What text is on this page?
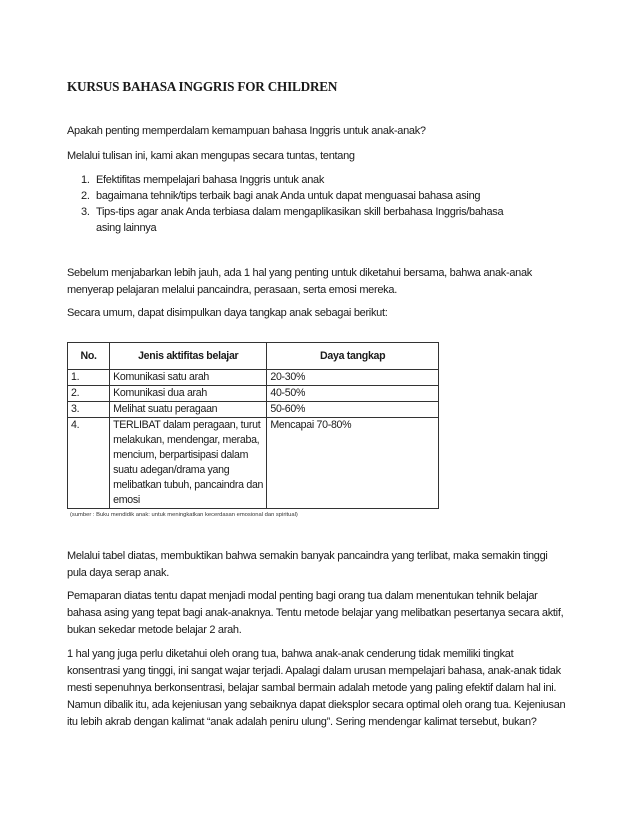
KURSUS BAHASA INGGRIS FOR CHILDREN
Apakah penting memperdalam kemampuan bahasa Inggris untuk anak-anak?
Melalui tulisan ini, kami akan mengupas secara tuntas, tentang
1. Efektifitas mempelajari bahasa Inggris untuk anak
2. bagaimana tehnik/tips terbaik bagi anak Anda untuk dapat menguasai bahasa asing
3. Tips-tips agar anak Anda terbiasa dalam mengaplikasikan skill berbahasa Inggris/bahasa asing lainnya
Sebelum menjabarkan lebih jauh, ada 1 hal yang penting untuk diketahui bersama, bahwa anak-anak menyerap pelajaran melalui pancaindra, perasaan, serta emosi mereka.
Secara umum, dapat disimpulkan daya tangkap anak sebagai berikut:
No.	Jenis aktifitas belajar	Daya tangkap
1.	Komunikasi satu arah	20-30%
2.	Komunikasi dua arah	40-50%
3.	Melihat suatu peragaan	50-60%
4.	TERLIBAT dalam peragaan, turut melakukan, mendengar, meraba, mencium, berpartisipasi dalam suatu adegan/drama yang melibatkan tubuh, pancaindra dan emosi	Mencapai 70-80%
(sumber : Buku mendidik anak: untuk meningkatkan kecerdasan emosional dan spiritual)
Melalui tabel diatas, membuktikan bahwa semakin banyak pancaindra yang terlibat, maka semakin tinggi pula daya serap anak.
Pemaparan diatas tentu dapat menjadi modal penting bagi orang tua dalam menentukan tehnik belajar bahasa asing yang tepat bagi anak-anaknya. Tentu metode belajar yang melibatkan pesertanya secara aktif, bukan sekedar metode belajar 2 arah.
1 hal yang juga perlu diketahui oleh orang tua, bahwa anak-anak cenderung tidak memiliki tingkat konsentrasi yang tinggi, ini sangat wajar terjadi. Apalagi dalam urusan mempelajari bahasa, anak-anak tidak mesti sepenuhnya berkonsentrasi, belajar sambal bermain adalah metode yang paling efektif dalam hal ini. Namun dibalik itu, ada kejeniusan yang sebaiknya dapat dieksplor secara optimal oleh orang tua. Kejeniusan itu lebih akrab dengan kalimat “anak adalah peniru ulung”. Sering mendengar kalimat tersebut, bukan?
